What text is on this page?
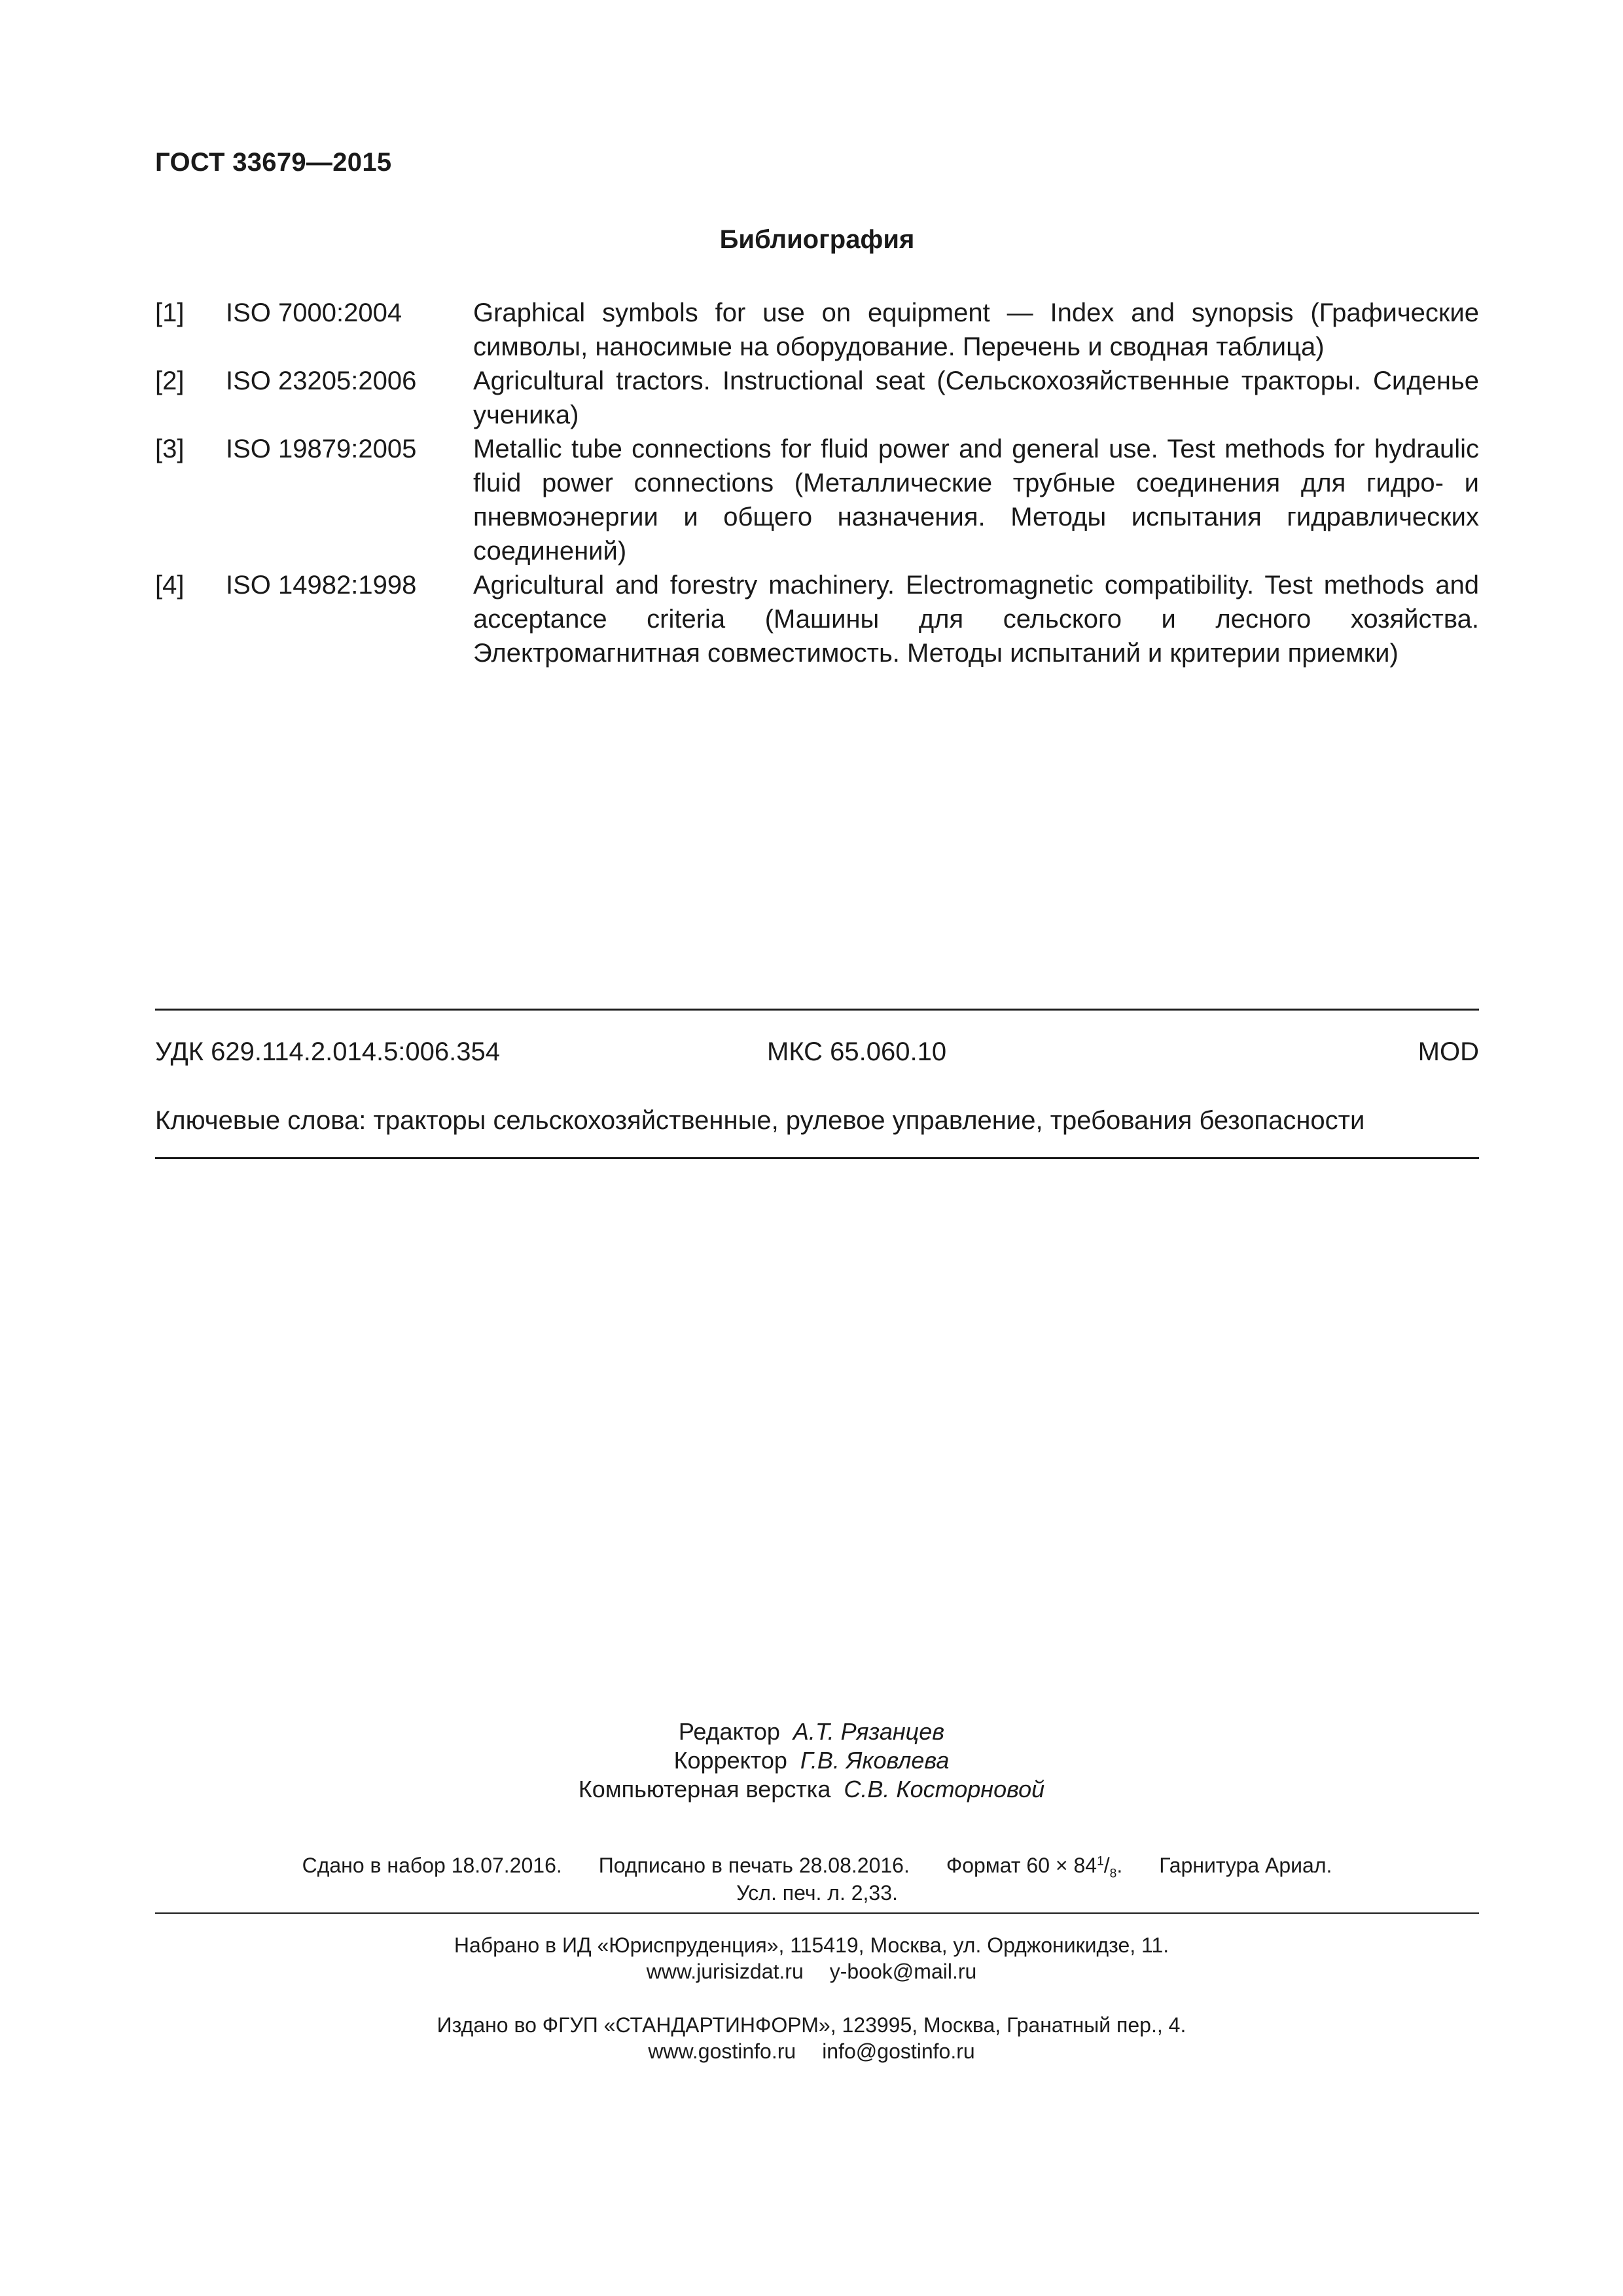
ГОСТ 33679—2015
Библиография
[1]	ISO 7000:2004	Graphical symbols for use on equipment — Index and synopsis (Графические символы, наносимые на оборудование. Перечень и сводная таблица)
[2]	ISO 23205:2006	Agricultural tractors. Instructional seat (Сельскохозяйственные тракторы. Сиденье ученика)
[3]	ISO 19879:2005	Metallic tube connections for fluid power and general use. Test methods for hydraulic fluid power connections (Металлические трубные соединения для гидро- и пневмоэнергии и общего назначения. Методы испытания гидравлических соединений)
[4]	ISO 14982:1998	Agricultural and forestry machinery. Electromagnetic compatibility. Test methods and acceptance criteria (Машины для сельского и лесного хозяйства. Электромагнитная совместимость. Методы испытаний и критерии приемки)
УДК 629.114.2.014.5:006.354	МКС 65.060.10	MOD
Ключевые слова: тракторы сельскохозяйственные, рулевое управление, требования безопасности
Редактор А.Т. Рязанцев
Корректор Г.В. Яковлева
Компьютерная верстка С.В. Косторновой
Сдано в набор 18.07.2016. Подписано в печать 28.08.2016. Формат $60 \times 84^1/_8$. Гарнитура Ариал.
Усл. печ. л. 2,33.
Набрано в ИД «Юриспруденция», 115419, Москва, ул. Орджоникидзе, 11.
www.jurisizdat.ru y-book@mail.ru
Издано во ФГУП «СТАНДАРТИНФОРМ», 123995, Москва, Гранатный пер., 4.
www.gostinfo.ru info@gostinfo.ru
